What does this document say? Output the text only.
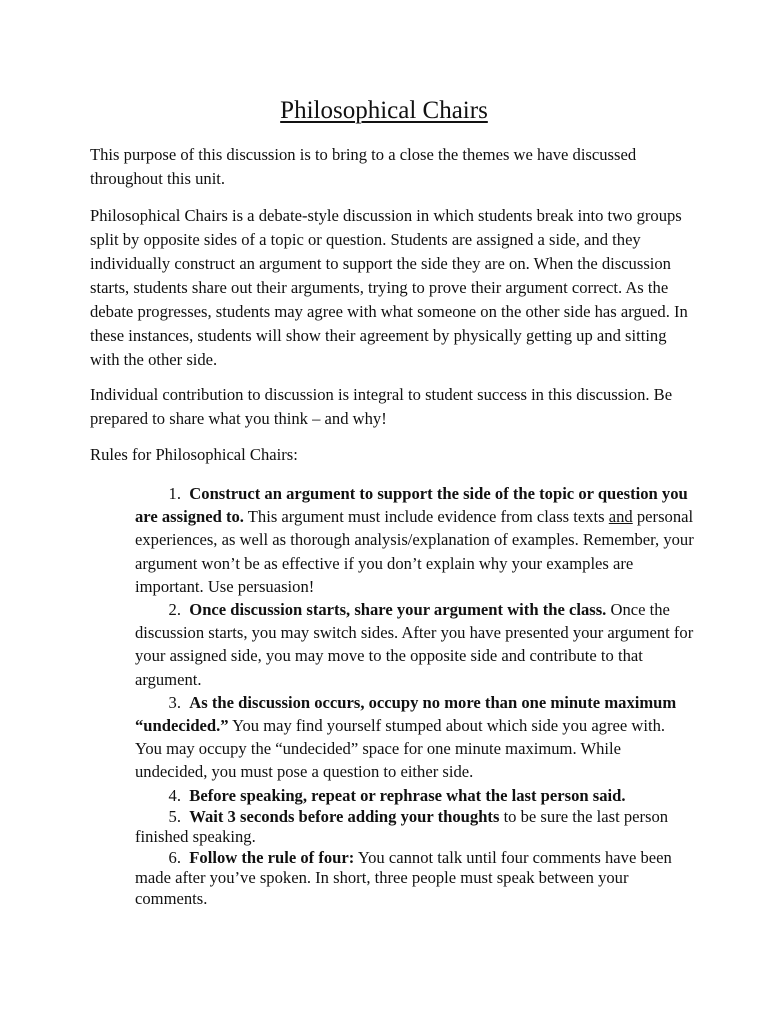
Philosophical Chairs

This purpose of this discussion is to bring to a close the themes we have discussed throughout this unit.

Philosophical Chairs is a debate-style discussion in which students break into two groups split by opposite sides of a topic or question. Students are assigned a side, and they individually construct an argument to support the side they are on. When the discussion starts, students share out their arguments, trying to prove their argument correct. As the debate progresses, students may agree with what someone on the other side has argued. In these instances, students will show their agreement by physically getting up and sitting with the other side.

Individual contribution to discussion is integral to student success in this discussion. Be prepared to share what you think – and why!

Rules for Philosophical Chairs:

1. Construct an argument to support the side of the topic or question you are assigned to. This argument must include evidence from class texts and personal experiences, as well as thorough analysis/explanation of examples. Remember, your argument won’t be as effective if you don’t explain why your examples are important. Use persuasion!
2. Once discussion starts, share your argument with the class. Once the discussion starts, you may switch sides. After you have presented your argument for your assigned side, you may move to the opposite side and contribute to that argument.
3. As the discussion occurs, occupy no more than one minute maximum “undecided.” You may find yourself stumped about which side you agree with. You may occupy the “undecided” space for one minute maximum. While undecided, you must pose a question to either side.
4. Before speaking, repeat or rephrase what the last person said.
5. Wait 3 seconds before adding your thoughts to be sure the last person finished speaking.
6. Follow the rule of four: You cannot talk until four comments have been made after you’ve spoken. In short, three people must speak between your comments.
